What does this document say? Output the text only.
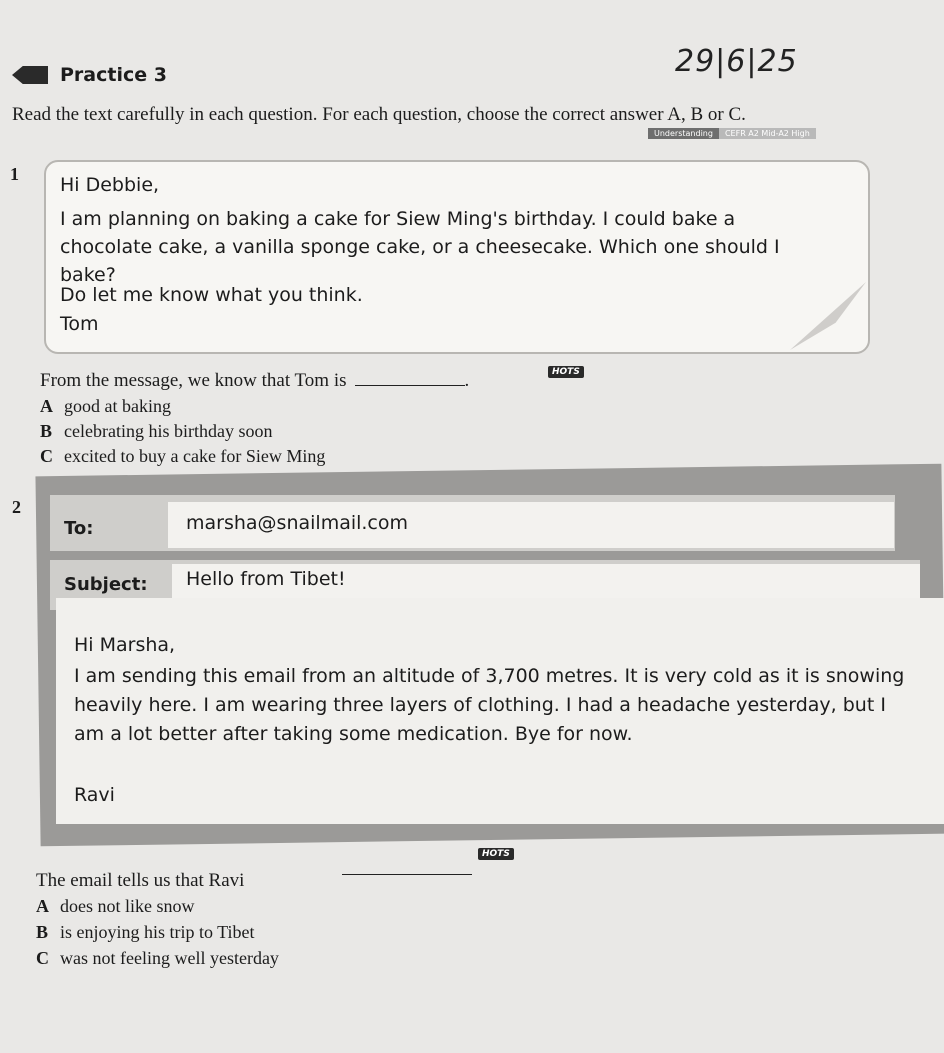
Practice 3	29|6|25
Read the text carefully in each question. For each question, choose the correct answer A, B or C.
Understanding	CEFR A2 Mid-A2 High
1 Hi Debbie,
I am planning on baking a cake for Siew Ming's birthday. I could bake a chocolate cake, a vanilla sponge cake, or a cheesecake. Which one should I bake?
Do let me know what you think.
Tom
From the message, we know that Tom is	.	HOTS
A good at baking
B celebrating his birthday soon
C excited to buy a cake for Siew Ming
2
To:	marsha@snailmail.com
Subject: Hello from Tibet!
Hi Marsha,
I am sending this email from an altitude of 3,700 metres. It is very cold as it is snowing heavily here. I am wearing three layers of clothing. I had a headache yesterday, but I am a lot better after taking some medication. Bye for now.
Ravi
The email tells us that Ravi
HOTS
A does not like snow
B is enjoying his trip to Tibet
C was not feeling well yesterday
